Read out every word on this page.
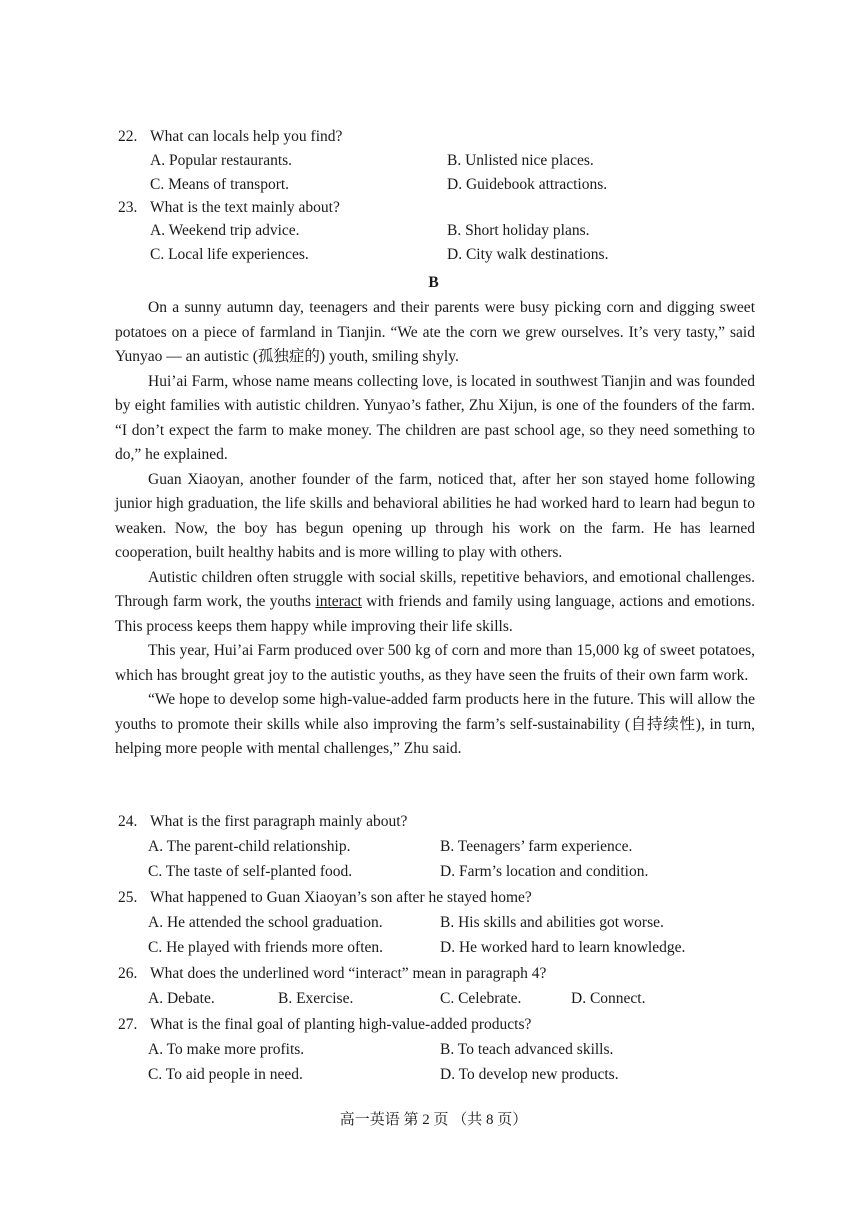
22. What can locals help you find?
A. Popular restaurants.	B. Unlisted nice places.
C. Means of transport.	D. Guidebook attractions.
23. What is the text mainly about?
A. Weekend trip advice.	B. Short holiday plans.
C. Local life experiences.	D. City walk destinations.
B

On a sunny autumn day, teenagers and their parents were busy picking corn and digging sweet potatoes on a piece of farmland in Tianjin. “We ate the corn we grew ourselves. It’s very tasty,” said Yunyao — an autistic (孤独症的) youth, smiling shyly.

Hui’ai Farm, whose name means collecting love, is located in southwest Tianjin and was founded by eight families with autistic children. Yunyao’s father, Zhu Xijun, is one of the founders of the farm. “I don’t expect the farm to make money. The children are past school age, so they need something to do,” he explained.

Guan Xiaoyan, another founder of the farm, noticed that, after her son stayed home following junior high graduation, the life skills and behavioral abilities he had worked hard to learn had begun to weaken. Now, the boy has begun opening up through his work on the farm. He has learned cooperation, built healthy habits and is more willing to play with others.

Autistic children often struggle with social skills, repetitive behaviors, and emotional challenges. Through farm work, the youths interact with friends and family using language, actions and emotions. This process keeps them happy while improving their life skills.

This year, Hui’ai Farm produced over 500 kg of corn and more than 15,000 kg of sweet potatoes, which has brought great joy to the autistic youths, as they have seen the fruits of their own farm work.

“We hope to develop some high-value-added farm products here in the future. This will allow the youths to promote their skills while also improving the farm’s self-sustainability (自持续性), in turn, helping more people with mental challenges,” Zhu said.

24. What is the first paragraph mainly about?
A. The parent-child relationship.	B. Teenagers’ farm experience.
C. The taste of self-planted food.	D. Farm’s location and condition.
25. What happened to Guan Xiaoyan’s son after he stayed home?
A. He attended the school graduation.	B. His skills and abilities got worse.
C. He played with friends more often.	D. He worked hard to learn knowledge.
26. What does the underlined word “interact” mean in paragraph 4?
A. Debate.	B. Exercise.	C. Celebrate.	D. Connect.
27. What is the final goal of planting high-value-added products?
A. To make more profits.	B. To teach advanced skills.
C. To aid people in need.	D. To develop new products.
高一英语 第 2 页 （共 8 页）
